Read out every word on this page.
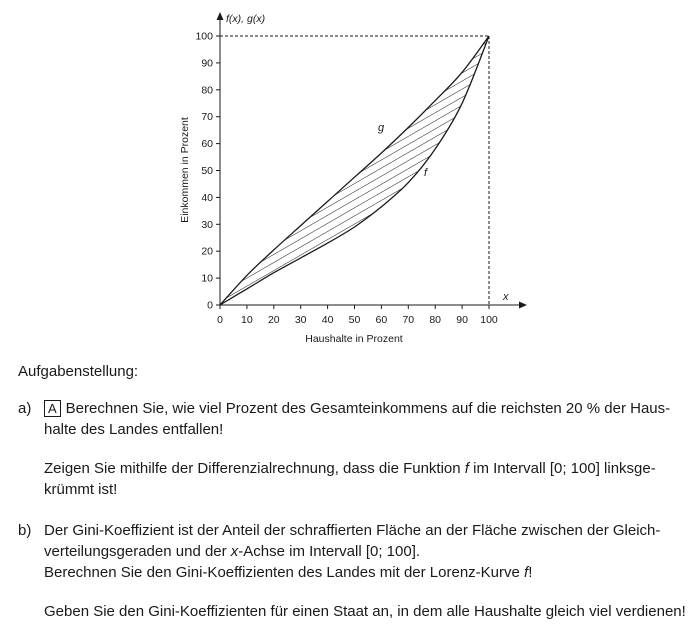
0 10 20 30 40 50 60 70 80 90 100
0
10
20
30
40
50
60
70
80
90
100
g
f
f(x), g(x)
x
Haushalte in Prozent
Einkommen in Prozent
Aufgabenstellung:
a)	A Berechnen Sie, wie viel Prozent des Gesamteinkommens auf die reichsten 20 % der Haus-

halte des Landes entfallen!

Zeigen Sie mithilfe der Differenzialrechnung, dass die Funktion f im Intervall [0; 100] linksge-

krümmt ist!

b) Der Gini-Koeffizient ist der Anteil der schraffierten Fläche an der Fläche zwischen der Gleich-

verteilungsgeraden und der x-Achse im Intervall [0; 100].

Berechnen Sie den Gini-Koeffizienten des Landes mit der Lorenz-Kurve f!

Geben Sie den Gini-Koeffizienten für einen Staat an, in dem alle Haushalte gleich viel verdienen!
